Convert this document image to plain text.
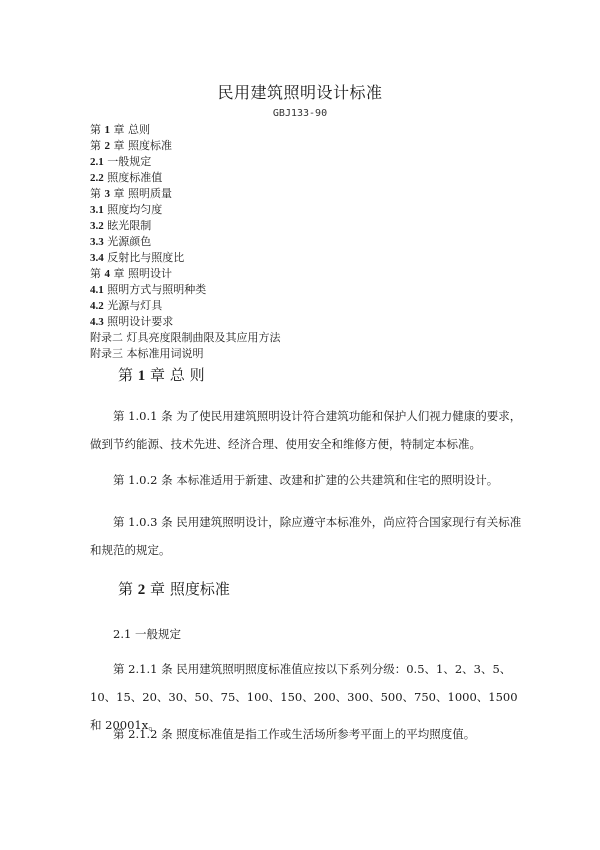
民用建筑照明设计标准
GBJ133-90
第 1 章 总则
第 2 章 照度标准
2.1 一般规定
2.2 照度标准值
第 3 章 照明质量
3.1 照度均匀度
3.2 眩光限制
3.3 光源颜色
3.4 反射比与照度比
第 4 章 照明设计
4.1 照明方式与照明种类
4.2 光源与灯具
4.3 照明设计要求
附录二 灯具亮度限制曲限及其应用方法
附录三 本标准用词说明
第 1 章 总 则
第 1.0.1 条 为了使民用建筑照明设计符合建筑功能和保护人们视力健康的要求，做到节约能源、技术先进、经济合理、使用安全和维修方便，特制定本标准。
第 1.0.2 条 本标准适用于新建、改建和扩建的公共建筑和住宅的照明设计。
第 1.0.3 条 民用建筑照明设计，除应遵守本标准外，尚应符合国家现行有关标准和规范的规定。
第 2 章 照度标准
2.1 一般规定
第 2.1.1 条 民用建筑照明照度标准值应按以下系列分级：0.5、1、2、3、5、10、15、20、30、50、75、100、150、200、300、500、750、1000、1500 和 20001x。
第 2.1.2 条 照度标准值是指工作或生活场所参考平面上的平均照度值。
